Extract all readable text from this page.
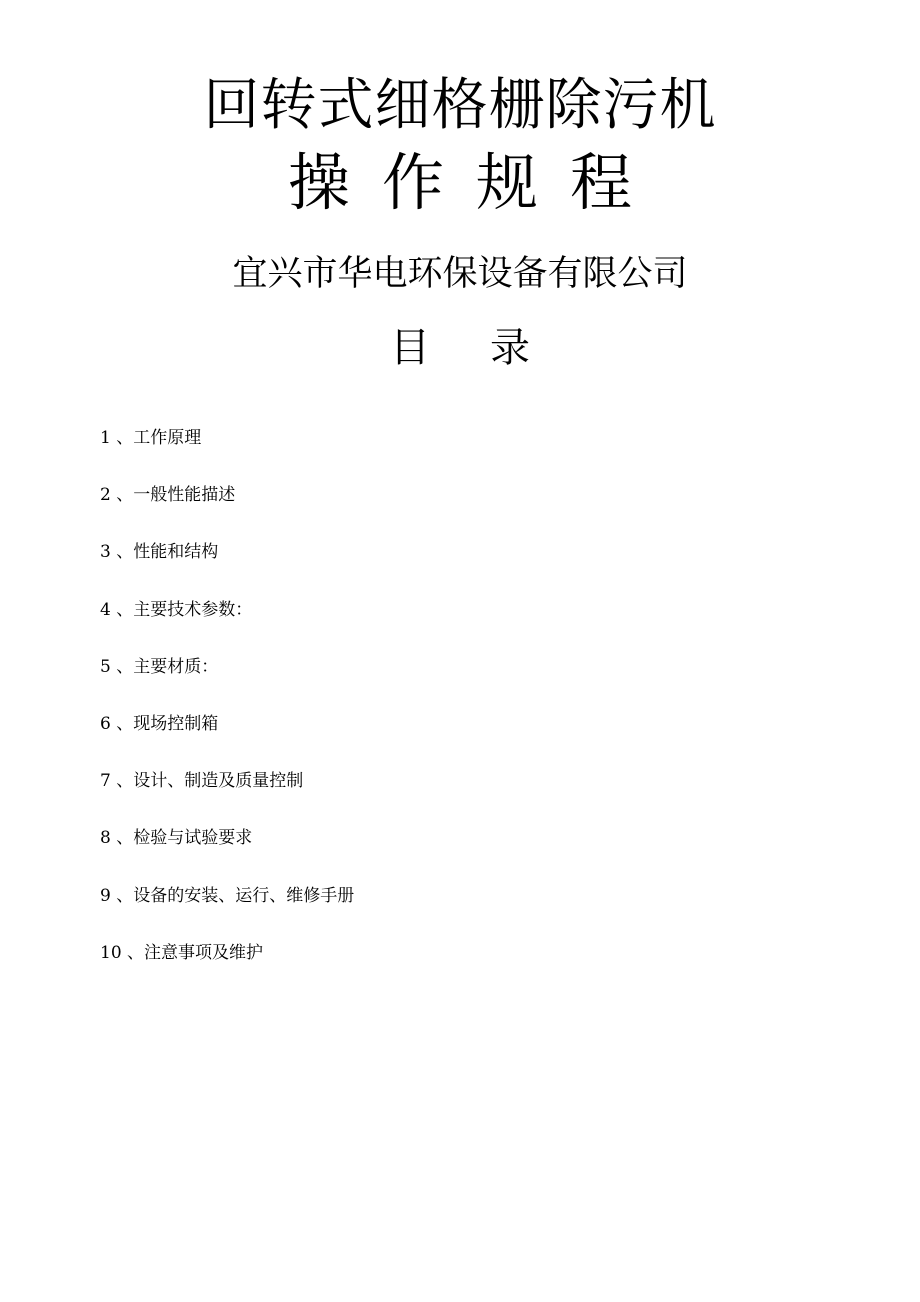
回转式细格栅除污机
操作规程
宜兴市华电环保设备有限公司
目录
1 、工作原理
2 、一般性能描述
3 、性能和结构
4 、主要技术参数：
5 、主要材质：
6 、现场控制箱
7 、设计、制造及质量控制
8 、检验与试验要求
9 、设备的安装、运行、维修手册
10 、注意事项及维护
